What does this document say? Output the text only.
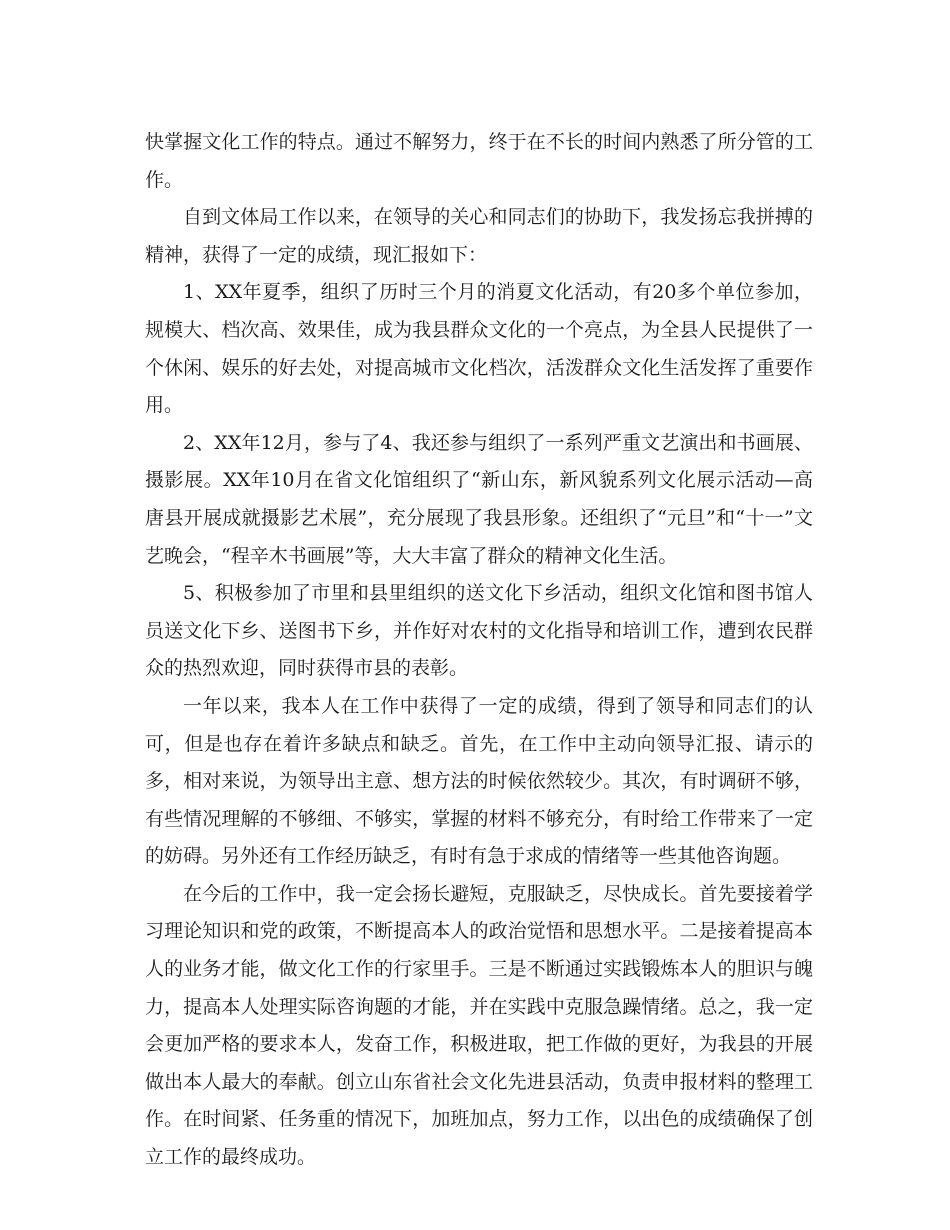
快掌握文化工作的特点。通过不解努力，终于在不长的时间内熟悉了所分管的工作。

自到文体局工作以来，在领导的关心和同志们的协助下，我发扬忘我拼搏的精神，获得了一定的成绩，现汇报如下：

1、XX年夏季，组织了历时三个月的消夏文化活动，有20多个单位参加，规模大、档次高、效果佳，成为我县群众文化的一个亮点，为全县人民提供了一个休闲、娱乐的好去处，对提高城市文化档次，活泼群众文化生活发挥了重要作用。

2、XX年12月，参与了4、我还参与组织了一系列严重文艺演出和书画展、摄影展。XX年10月在省文化馆组织了“新山东，新风貌系列文化展示活动—高唐县开展成就摄影艺术展”，充分展现了我县形象。还组织了“元旦”和“十一”文艺晚会，“程辛木书画展”等，大大丰富了群众的精神文化生活。

5、积极参加了市里和县里组织的送文化下乡活动，组织文化馆和图书馆人员送文化下乡、送图书下乡，并作好对农村的文化指导和培训工作，遭到农民群众的热烈欢迎，同时获得市县的表彰。

一年以来，我本人在工作中获得了一定的成绩，得到了领导和同志们的认可，但是也存在着许多缺点和缺乏。首先，在工作中主动向领导汇报、请示的多，相对来说，为领导出主意、想方法的时候依然较少。其次，有时调研不够，有些情况理解的不够细、不够实，掌握的材料不够充分，有时给工作带来了一定的妨碍。另外还有工作经历缺乏，有时有急于求成的情绪等一些其他咨询题。

在今后的工作中，我一定会扬长避短，克服缺乏，尽快成长。首先要接着学习理论知识和党的政策，不断提高本人的政治觉悟和思想水平。二是接着提高本人的业务才能，做文化工作的行家里手。三是不断通过实践锻炼本人的胆识与魄力，提高本人处理实际咨询题的才能，并在实践中克服急躁情绪。总之，我一定会更加严格的要求本人，发奋工作，积极进取，把工作做的更好，为我县的开展做出本人最大的奉献。创立山东省社会文化先进县活动，负责申报材料的整理工作。在时间紧、任务重的情况下，加班加点，努力工作，以出色的成绩确保了创立工作的最终成功。
